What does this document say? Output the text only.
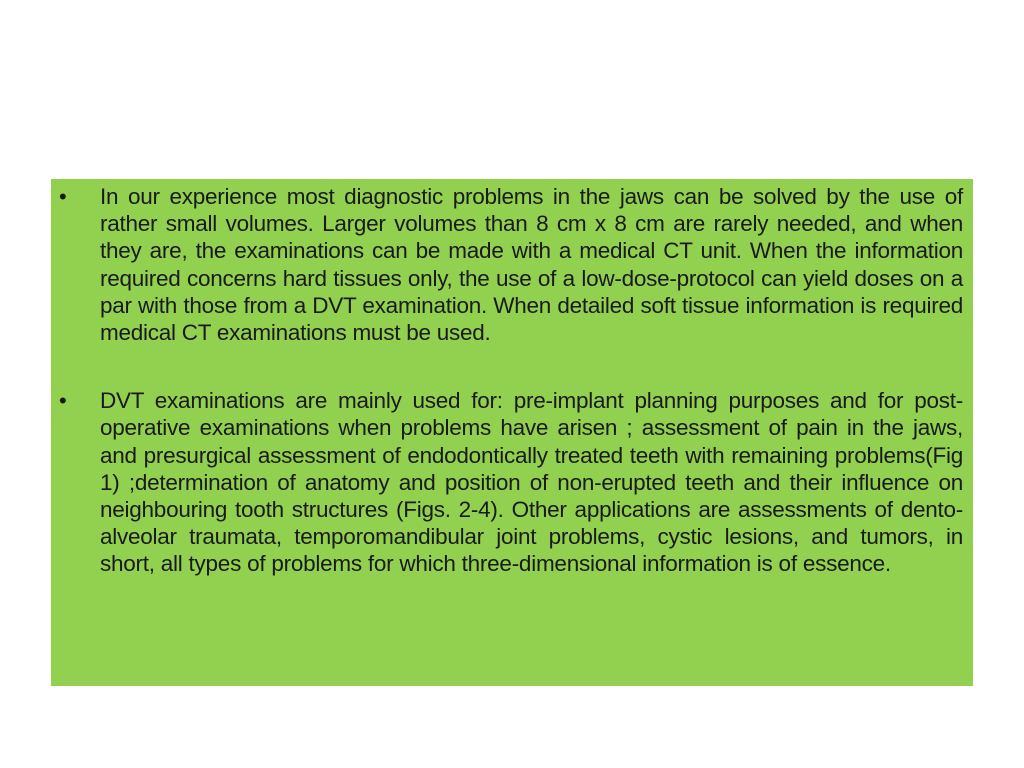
•	In our experience most diagnostic problems in the jaws can be solved by the use of rather small volumes. Larger volumes than 8 cm x 8 cm are rarely needed, and when they are, the examinations can be made with a medical CT unit. When the information required concerns hard tissues only, the use of a low-dose-protocol can yield doses on a par with those from a DVT examination. When detailed soft tissue information is required medical CT examinations must be used.
•	DVT examinations are mainly used for: pre-implant planning purposes and for post-operative examinations when problems have arisen ; assessment of pain in the jaws, and presurgical assessment of endodontically treated teeth with remaining problems(Fig 1) ;determination of anatomy and position of non-erupted teeth and their influence on neighbouring tooth structures (Figs. 2-4). Other applications are assessments of dento-alveolar traumata, temporomandibular joint problems, cystic lesions, and tumors, in short, all types of problems for which three-dimensional information is of essence.
